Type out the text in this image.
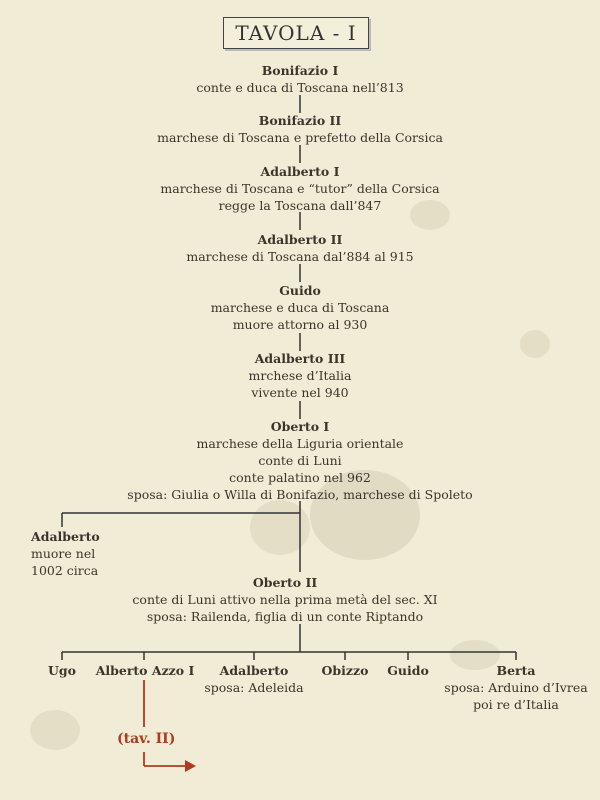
TAVOLA - I
Bonifazio I
conte e duca di Toscana nell’813
Bonifazio II
marchese di Toscana e prefetto della Corsica
Adalberto I
marchese di Toscana e “tutor” della Corsica
regge la Toscana dall’847
Adalberto II
marchese di Toscana dal’884 al 915
Guido
marchese e duca di Toscana
muore attorno al 930
Adalberto III
mrchese d’Italia
vivente nel 940
Oberto I
marchese della Liguria orientale
conte di Luni
conte palatino nel 962
sposa: Giulia o Willa di Bonifazio, marchese di Spoleto
Adalberto
muore nel
1002 circa
Oberto II
conte di Luni attivo nella prima metà del sec. XI
sposa: Railenda, figlia di un conte Riptando
Ugo Alberto Azzo I	Adalberto
sposa: Adeleida
Obizzo Guido	Berta
sposa: Arduino d’Ivrea
poi re d’Italia
(tav. II)
